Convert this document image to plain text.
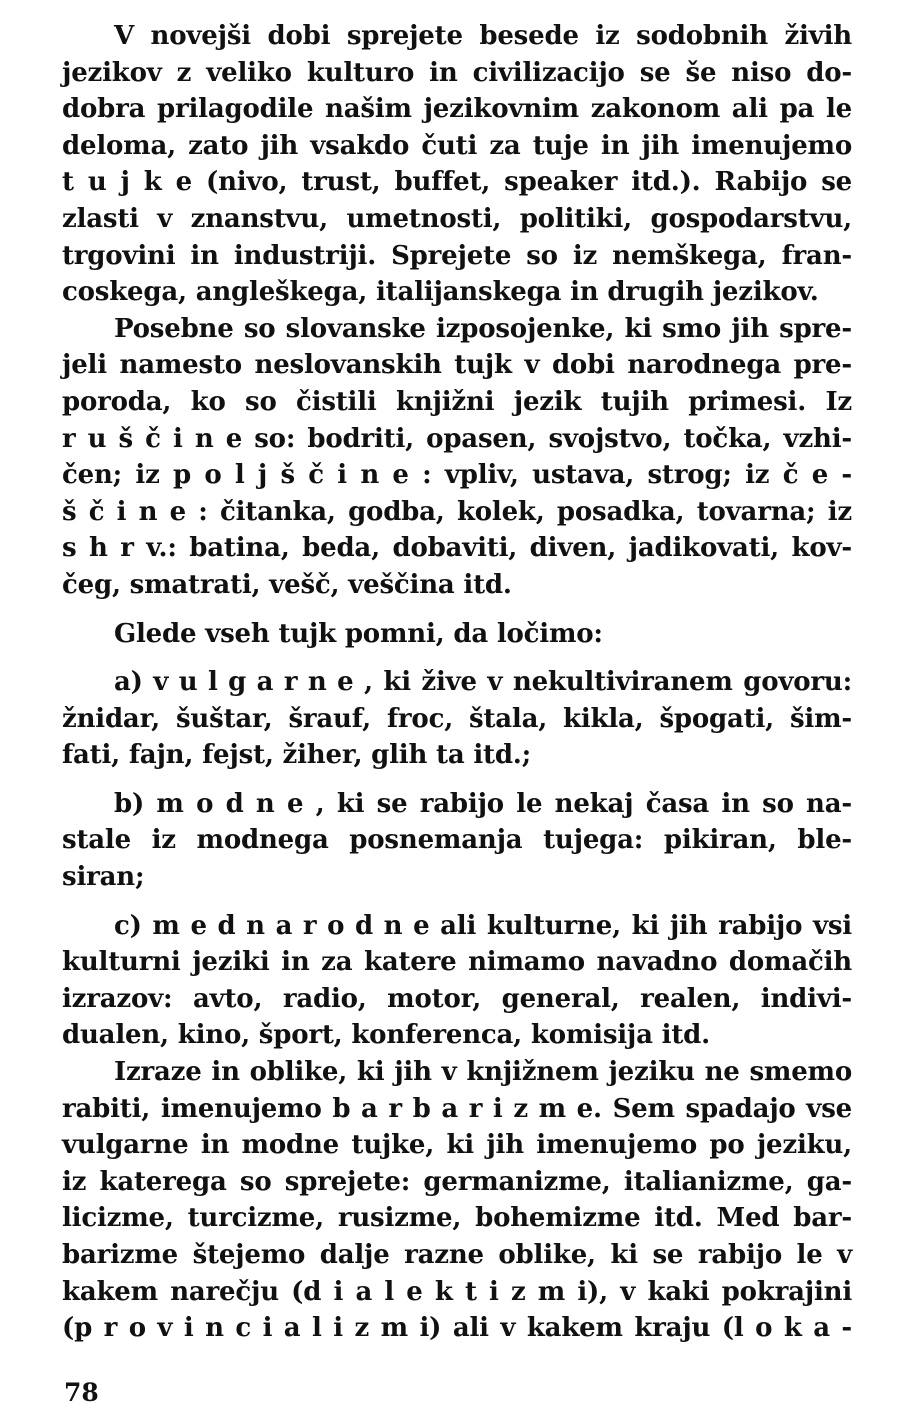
V novejši dobi sprejete besede iz sodobnih živih
jezikov z veliko kulturo in civilizacijo se še niso do-
dobra prilagodile našim jezikovnim zakonom ali pa le
deloma, zato jih vsakdo čuti za tuje in jih imenujemo
t u j k e (nivo, trust, buffet, speaker itd.). Rabijo se
zlasti v znanstvu, umetnosti, politiki, gospodarstvu,
trgovini in industriji. Sprejete so iz nemškega, fran-
coskega, angleškega, italijanskega in drugih jezikov.
Posebne so slovanske izposojenke, ki smo jih spre-
jeli namesto neslovanskih tujk v dobi narodnega pre-
poroda, ko so čistili knjižni jezik tujih primesi. Iz
r u š č i n e so: bodriti, opasen, svojstvo, točka, vzhi-
čen; iz p o l j š č i n e : vpliv, ustava, strog; iz č e -
š č i n e : čitanka, godba, kolek, posadka, tovarna; iz
s h r v.: batina, beda, dobaviti, diven, jadikovati, kov-
čeg, smatrati, vešč, veščina itd.
Glede vseh tujk pomni, da ločimo:
a) v u l g a r n e , ki žive v nekultiviranem govoru:
žnidar, šuštar, šrauf, froc, štala, kikla, špogati, šim-
fati, fajn, fejst, žiher, glih ta itd.;
b) m o d n e , ki se rabijo le nekaj časa in so na-
stale iz modnega posnemanja tujega: pikiran, ble-
siran;
c) m e d n a r o d n e ali kulturne, ki jih rabijo vsi
kulturni jeziki in za katere nimamo navadno domačih
izrazov: avto, radio, motor, general, realen, indivi-
dualen, kino, šport, konferenca, komisija itd.
Izraze in oblike, ki jih v knjižnem jeziku ne smemo
rabiti, imenujemo b a r b a r i z m e. Sem spadajo vse
vulgarne in modne tujke, ki jih imenujemo po jeziku,
iz katerega so sprejete: germanizme, italianizme, ga-
licizme, turcizme, rusizme, bohemizme itd. Med bar-
barizme štejemo dalje razne oblike, ki se rabijo le v
kakem narečju (d i a l e k t i z m i), v kaki pokrajini
(p r o v i n c i a l i z m i) ali v kakem kraju (l o k a -
78
